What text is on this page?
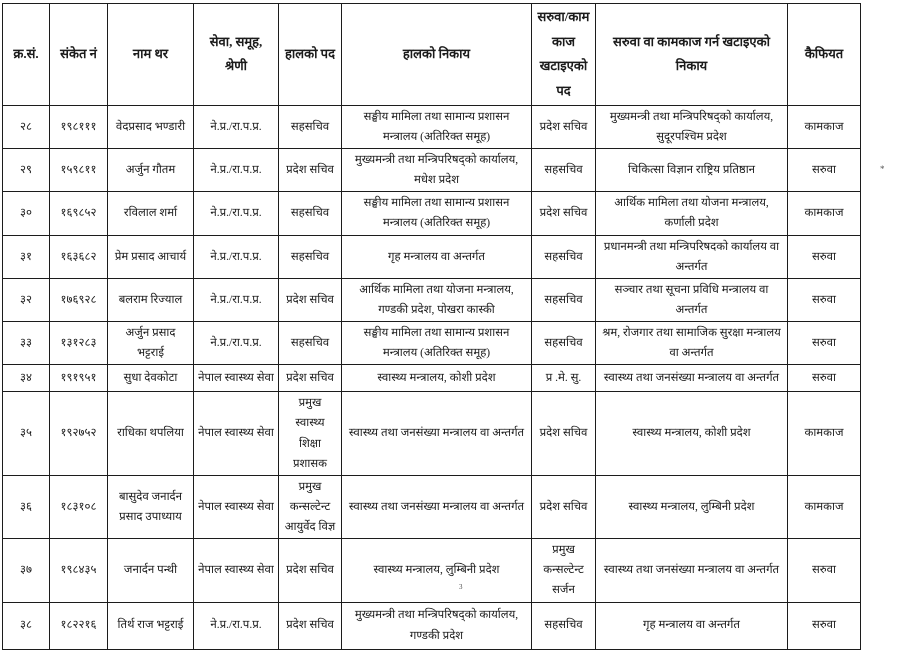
क्र.सं.	संकेत नं	नाम थर	सेवा, समूह, श्रेणी	हालको पद	हालको निकाय	सरुवा/काम काज खटाइएको पद	सरुवा वा कामकाज गर्न खटाइएको निकाय	कैफियत
२८	१९८१११	वेदप्रसाद भण्डारी	ने.प्र./रा.प.प्र.	सहसचिव	सङ्घीय मामिला तथा सामान्य प्रशासन मन्त्रालय (अतिरिक्त समूह)	प्रदेश सचिव	मुख्यमन्त्री तथा मन्त्रिपरिषद्को कार्यालय, सुदूरपश्चिम प्रदेश	कामकाज
२९	१५९८११	अर्जुन गौतम	ने.प्र./रा.प.प्र.	प्रदेश सचिव	मुख्यमन्त्री तथा मन्त्रिपरिषद्को कार्यालय, मधेश प्रदेश	सहसचिव	चिकित्सा विज्ञान राष्ट्रिय प्रतिष्ठान	सरुवा
३०	१६९८५२	रविलाल शर्मा	ने.प्र./रा.प.प्र.	सहसचिव	सङ्घीय मामिला तथा सामान्य प्रशासन मन्त्रालय (अतिरिक्त समूह)	प्रदेश सचिव	आर्थिक मामिला तथा योजना मन्त्रालय, कर्णाली प्रदेश	कामकाज
३१	१६३६८२	प्रेम प्रसाद आचार्य	ने.प्र./रा.प.प्र.	सहसचिव	गृह मन्त्रालय वा अन्तर्गत	सहसचिव	प्रधानमन्त्री तथा मन्त्रिपरिषदको कार्यालय वा अन्तर्गत	सरुवा
३२	१७६९२८	बलराम रिज्याल	ने.प्र./रा.प.प्र.	प्रदेश सचिव	आर्थिक मामिला तथा योजना मन्त्रालय, गण्डकी प्रदेश, पोखरा कास्की	सहसचिव	सञ्चार तथा सूचना प्रविधि मन्त्रालय वा अन्तर्गत	सरुवा
३३	१३१२८३	अर्जुन प्रसाद भट्टराई	ने.प्र./रा.प.प्र.	सहसचिव	सङ्घीय मामिला तथा सामान्य प्रशासन मन्त्रालय (अतिरिक्त समूह)	सहसचिव	श्रम, रोजगार तथा सामाजिक सुरक्षा मन्त्रालय वा अन्तर्गत	सरुवा
३४	१९१९५१	सुधा देवकोटा	नेपाल स्वास्थ्य सेवा	प्रदेश सचिव	स्वास्थ्य मन्त्रालय, कोशी प्रदेश	प्र .मे. सु.	स्वास्थ्य तथा जनसंख्या मन्त्रालय वा अन्तर्गत	सरुवा
३५	१९२७५२	राधिका थपलिया	नेपाल स्वास्थ्य सेवा	प्रमुख स्वास्थ्य शिक्षा प्रशासक	स्वास्थ्य तथा जनसंख्या मन्त्रालय वा अन्तर्गत	प्रदेश सचिव	स्वास्थ्य मन्त्रालय, कोशी प्रदेश	कामकाज
३६	१८३१०८	बासुदेव जनार्दन प्रसाद उपाध्याय	नेपाल स्वास्थ्य सेवा	प्रमुख कन्सल्टेन्ट आयुर्वेद विज्ञ	स्वास्थ्य तथा जनसंख्या मन्त्रालय वा अन्तर्गत	प्रदेश सचिव	स्वास्थ्य मन्त्रालय, लुम्बिनी प्रदेश	कामकाज
३७	१९८४३५	जनार्दन पन्थी	नेपाल स्वास्थ्य सेवा	प्रदेश सचिव	स्वास्थ्य मन्त्रालय, लुम्बिनी प्रदेश	प्रमुख कन्सल्टेन्ट सर्जन	स्वास्थ्य तथा जनसंख्या मन्त्रालय वा अन्तर्गत	सरुवा
३८	१८२२१६	तिर्थ राज भट्टराई	ने.प्र./रा.प.प्र.	प्रदेश सचिव	मुख्यमन्त्री तथा मन्त्रिपरिषद्को कार्यालय, गण्डकी प्रदेश	सहसचिव	गृह मन्त्रालय वा अन्तर्गत	सरुवा
*
3
